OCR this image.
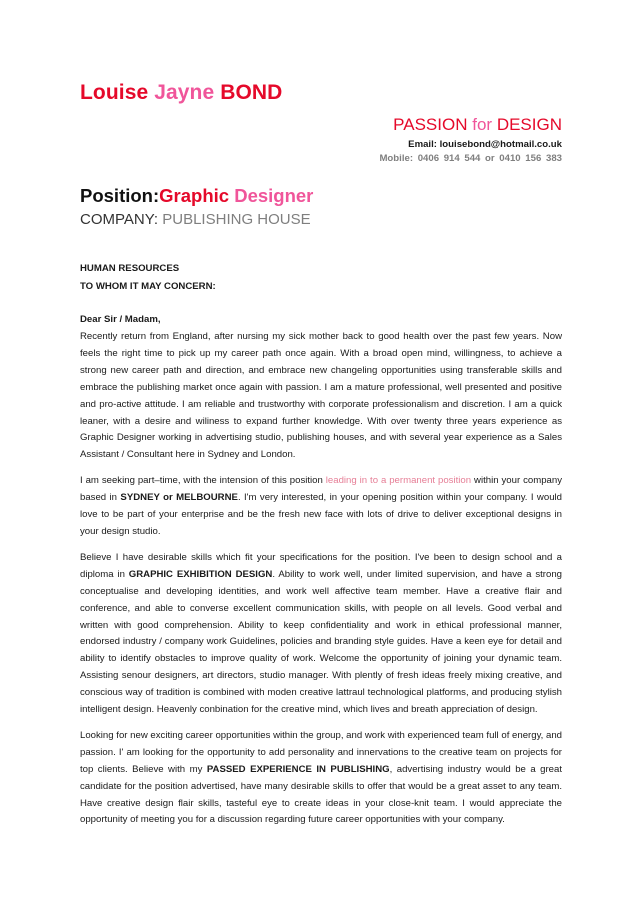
Louise Jayne BOND
PASSION for DESIGN
Email: louisebond@hotmail.co.uk
Mobile: 0406 914 544 or 0410 156 383
Position:Graphic Designer
COMPANY: PUBLISHING HOUSE
HUMAN RESOURCES
TO WHOM IT MAY CONCERN:
Dear Sir / Madam,

Recently return from England, after nursing my sick mother back to good health over the past few years. Now feels the right time to pick up my career path once again. With a broad open mind, willingness, to achieve a strong new career path and direction, and embrace new changeling opportunities using transferable skills and embrace the publishing market once again with passion. I am a mature professional, well presented and positive and pro-active attitude. I am reliable and trustworthy with corporate professionalism and discretion. I am a quick leaner, with a desire and wiliness to expand further knowledge. With over twenty three years experience as Graphic Designer working in advertising studio, publishing houses, and with several year experience as a Sales Assistant / Consultant here in Sydney and London.

I am seeking part–time, with the intension of this position leading in to a permanent position within your company based in SYDNEY or MELBOURNE. I'm very interested, in your opening position within your company. I would love to be part of your enterprise and be the fresh new face with lots of drive to deliver exceptional designs in your design studio.

Believe I have desirable skills which fit your specifications for the position. I've been to design school and a diploma in GRAPHIC EXHIBITION DESIGN. Ability to work well, under limited supervision, and have a strong conceptualise and developing identities, and work well affective team member. Have a creative flair and conference, and able to converse excellent communication skills, with people on all levels. Good verbal and written with good comprehension. Ability to keep confidentiality and work in ethical professional manner, endorsed industry / company work Guidelines, policies and branding style guides. Have a keen eye for detail and ability to identify obstacles to improve quality of work. Welcome the opportunity of joining your dynamic team. Assisting senour designers, art directors, studio manager. With plently of fresh ideas freely mixing creative, and conscious way of tradition is combined with moden creative lattraul technological platforms, and producing stylish intelligent design. Heavenly conbination for the creative mind, which lives and breath appreciation of design.

Looking for new exciting career opportunities within the group, and work with experienced team full of energy, and passion. I' am looking for the opportunity to add personality and innervations to the creative team on projects for top clients. Believe with my PASSED EXPERIENCE IN PUBLISHING, advertising industry would be a great candidate for the position advertised, have many desirable skills to offer that would be a great asset to any team. Have creative design flair skills, tasteful eye to create ideas in your close-knit team. I would appreciate the opportunity of meeting you for a discussion regarding future career opportunities with your company.
